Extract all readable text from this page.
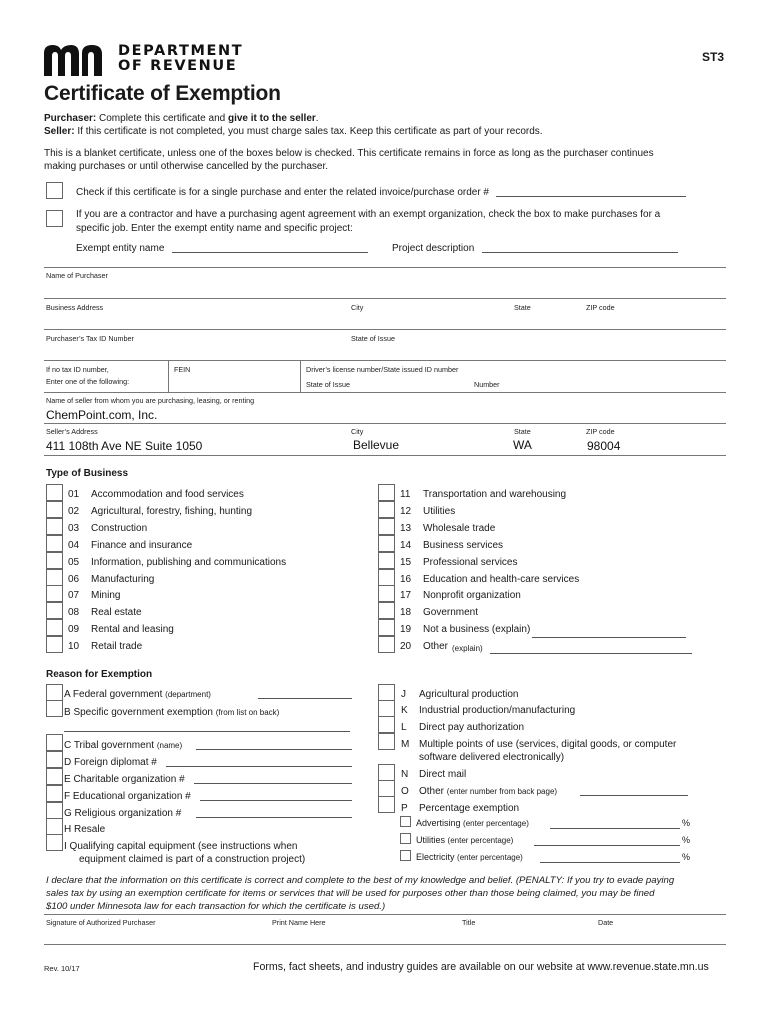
DEPARTMENT
OF REVENUE
ST3
Certificate of Exemption
Purchaser: Complete this certificate and give it to the seller.
Seller: If this certificate is not completed, you must charge sales tax. Keep this certificate as part of your records.
This is a blanket certificate, unless one of the boxes below is checked. This certificate remains in force as long as the purchaser continues
making purchases or until otherwise cancelled by the purchaser.
Check if this certificate is for a single purchase and enter the related invoice/purchase order #
If you are a contractor and have a purchasing agent agreement with an exempt organization, check the box to make purchases for a
specific job. Enter the exempt entity name and specific project:
Exempt entity name	Project description
Name of Purchaser
Business Address	City	State	ZIP code
Purchaser’s Tax ID Number	State of Issue
If no tax ID number,
Enter one of the following:
FEIN	Driver’s license number/State issued ID number
State of Issue	Number
Name of seller from whom you are purchasing, leasing, or renting
ChemPoint.com, Inc.
Seller’s Address	City	State	ZIP code
411 108th Ave NE Suite 1050	Bellevue	WA	98004
Type of Business
01 Accommodation and food services
02 Agricultural, forestry, fishing, hunting
03 Construction
04 Finance and insurance
05 Information, publishing and communications
06 Manufacturing
07 Mining
08 Real estate
09 Rental and leasing
10 Retail trade
11 Transportation and warehousing
12 Utilities
13 Wholesale trade
14 Business services
15 Professional services
16 Education and health-care services
17 Nonprofit organization
18 Government
19 Not a business (explain)
20 Other (explain)
Reason for Exemption
A Federal government (department)
B Specific government exemption (from list on back)
C Tribal government (name)
D Foreign diplomat #
E Charitable organization #
F Educational organization #
G Religious organization #
H Resale
I Qualifying capital equipment (see instructions when
equipment claimed is part of a construction project)
J Agricultural production
K Industrial production/manufacturing
L Direct pay authorization
M Multiple points of use (services, digital goods, or computer
software delivered electronically)
N Direct mail
O Other (enter number from back page)
P Percentage exemption
Advertising (enter percentage)	%
Utilities (enter percentage)	%
Electricity (enter percentage)	%
I declare that the information on this certificate is correct and complete to the best of my knowledge and belief. (PENALTY: If you try to evade paying
sales tax by using an exemption certificate for items or services that will be used for purposes other than those being claimed, you may be fined
$100 under Minnesota law for each transaction for which the certificate is used.)
Signature of Authorized Purchaser	Print Name Here	Title	Date
Rev. 10/17	Forms, fact sheets, and industry guides are available on our website at www.revenue.state.mn.us
